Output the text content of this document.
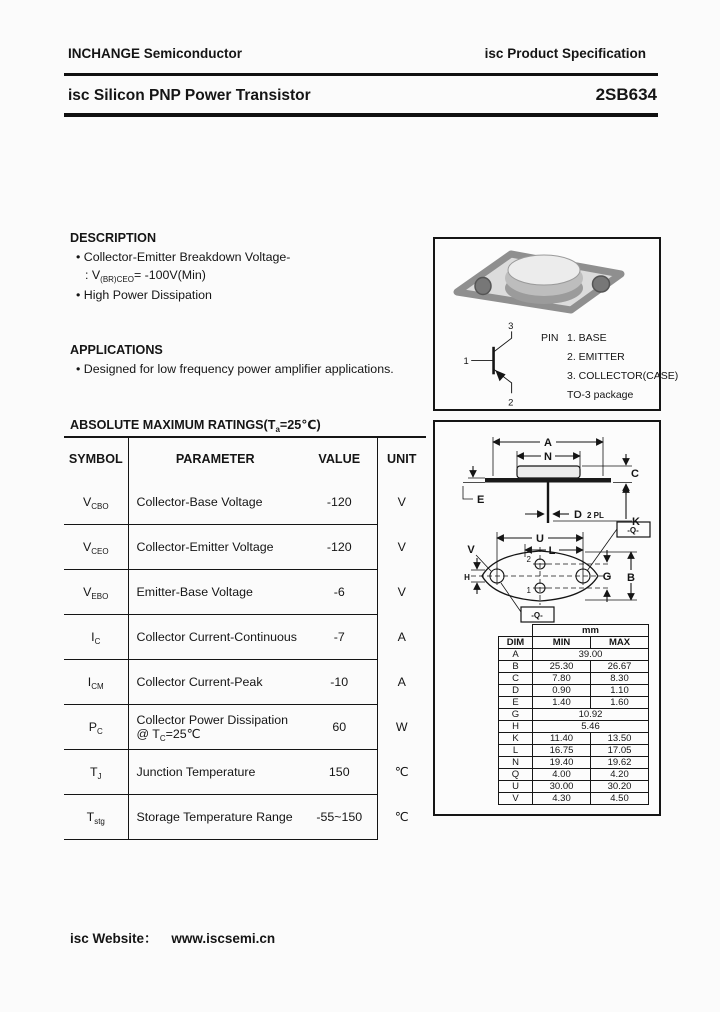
INCHANGE Semiconductor	isc Product Specification
isc Silicon PNP Power Transistor	2SB634
DESCRIPTION
• Collector-Emitter Breakdown Voltage-
: $V_{(BR)CEO}= -100V(Min)$
• High Power Dissipation
APPLICATIONS
• Designed for low frequency power amplifier applications.
ABSOLUTE MAXIMUM $RATINGS(T_a=25℃)$
SYMBOL	PARAMETER	VALUE	UNIT
$V_{CBO}$	Collector-Base Voltage	-120	V
$V_{CEO}$	Collector-Emitter Voltage	-120	V
$V_{EBO}$	Emitter-Base Voltage	-6	V
$I_C$	Collector Current-Continuous	-7	A
$I_{CM}$	Collector Current-Peak	-10	A
$P_C$	Collector Power Dissipation
@ $T_C=25℃$	60	W
$T_J$	Junction Temperature	150	℃
$T_{stg}$	Storage Temperature Range	-55~150	℃
1
3
2
PIN 1. BASE
2. EMITTER
3. COLLECTOR(CASE)
TO-3 package
A
N
C
E
K
D 2 PL
U
L
2
1
V
H	G B
-Q-
-Q-
	mm	
DIM	MIN	MAX
A	39.00	
B	25.30	26.67
C	7.80	8.30
D	0.90	1.10
E	1.40	1.60
G	10.92	
H	5.46	
K	11.40	13.50
L	16.75	17.05
N	19.40	19.62
Q	4.00	4.20
U	30.00	30.20
V	4.30	4.50
isc Website： www.iscsemi.cn
